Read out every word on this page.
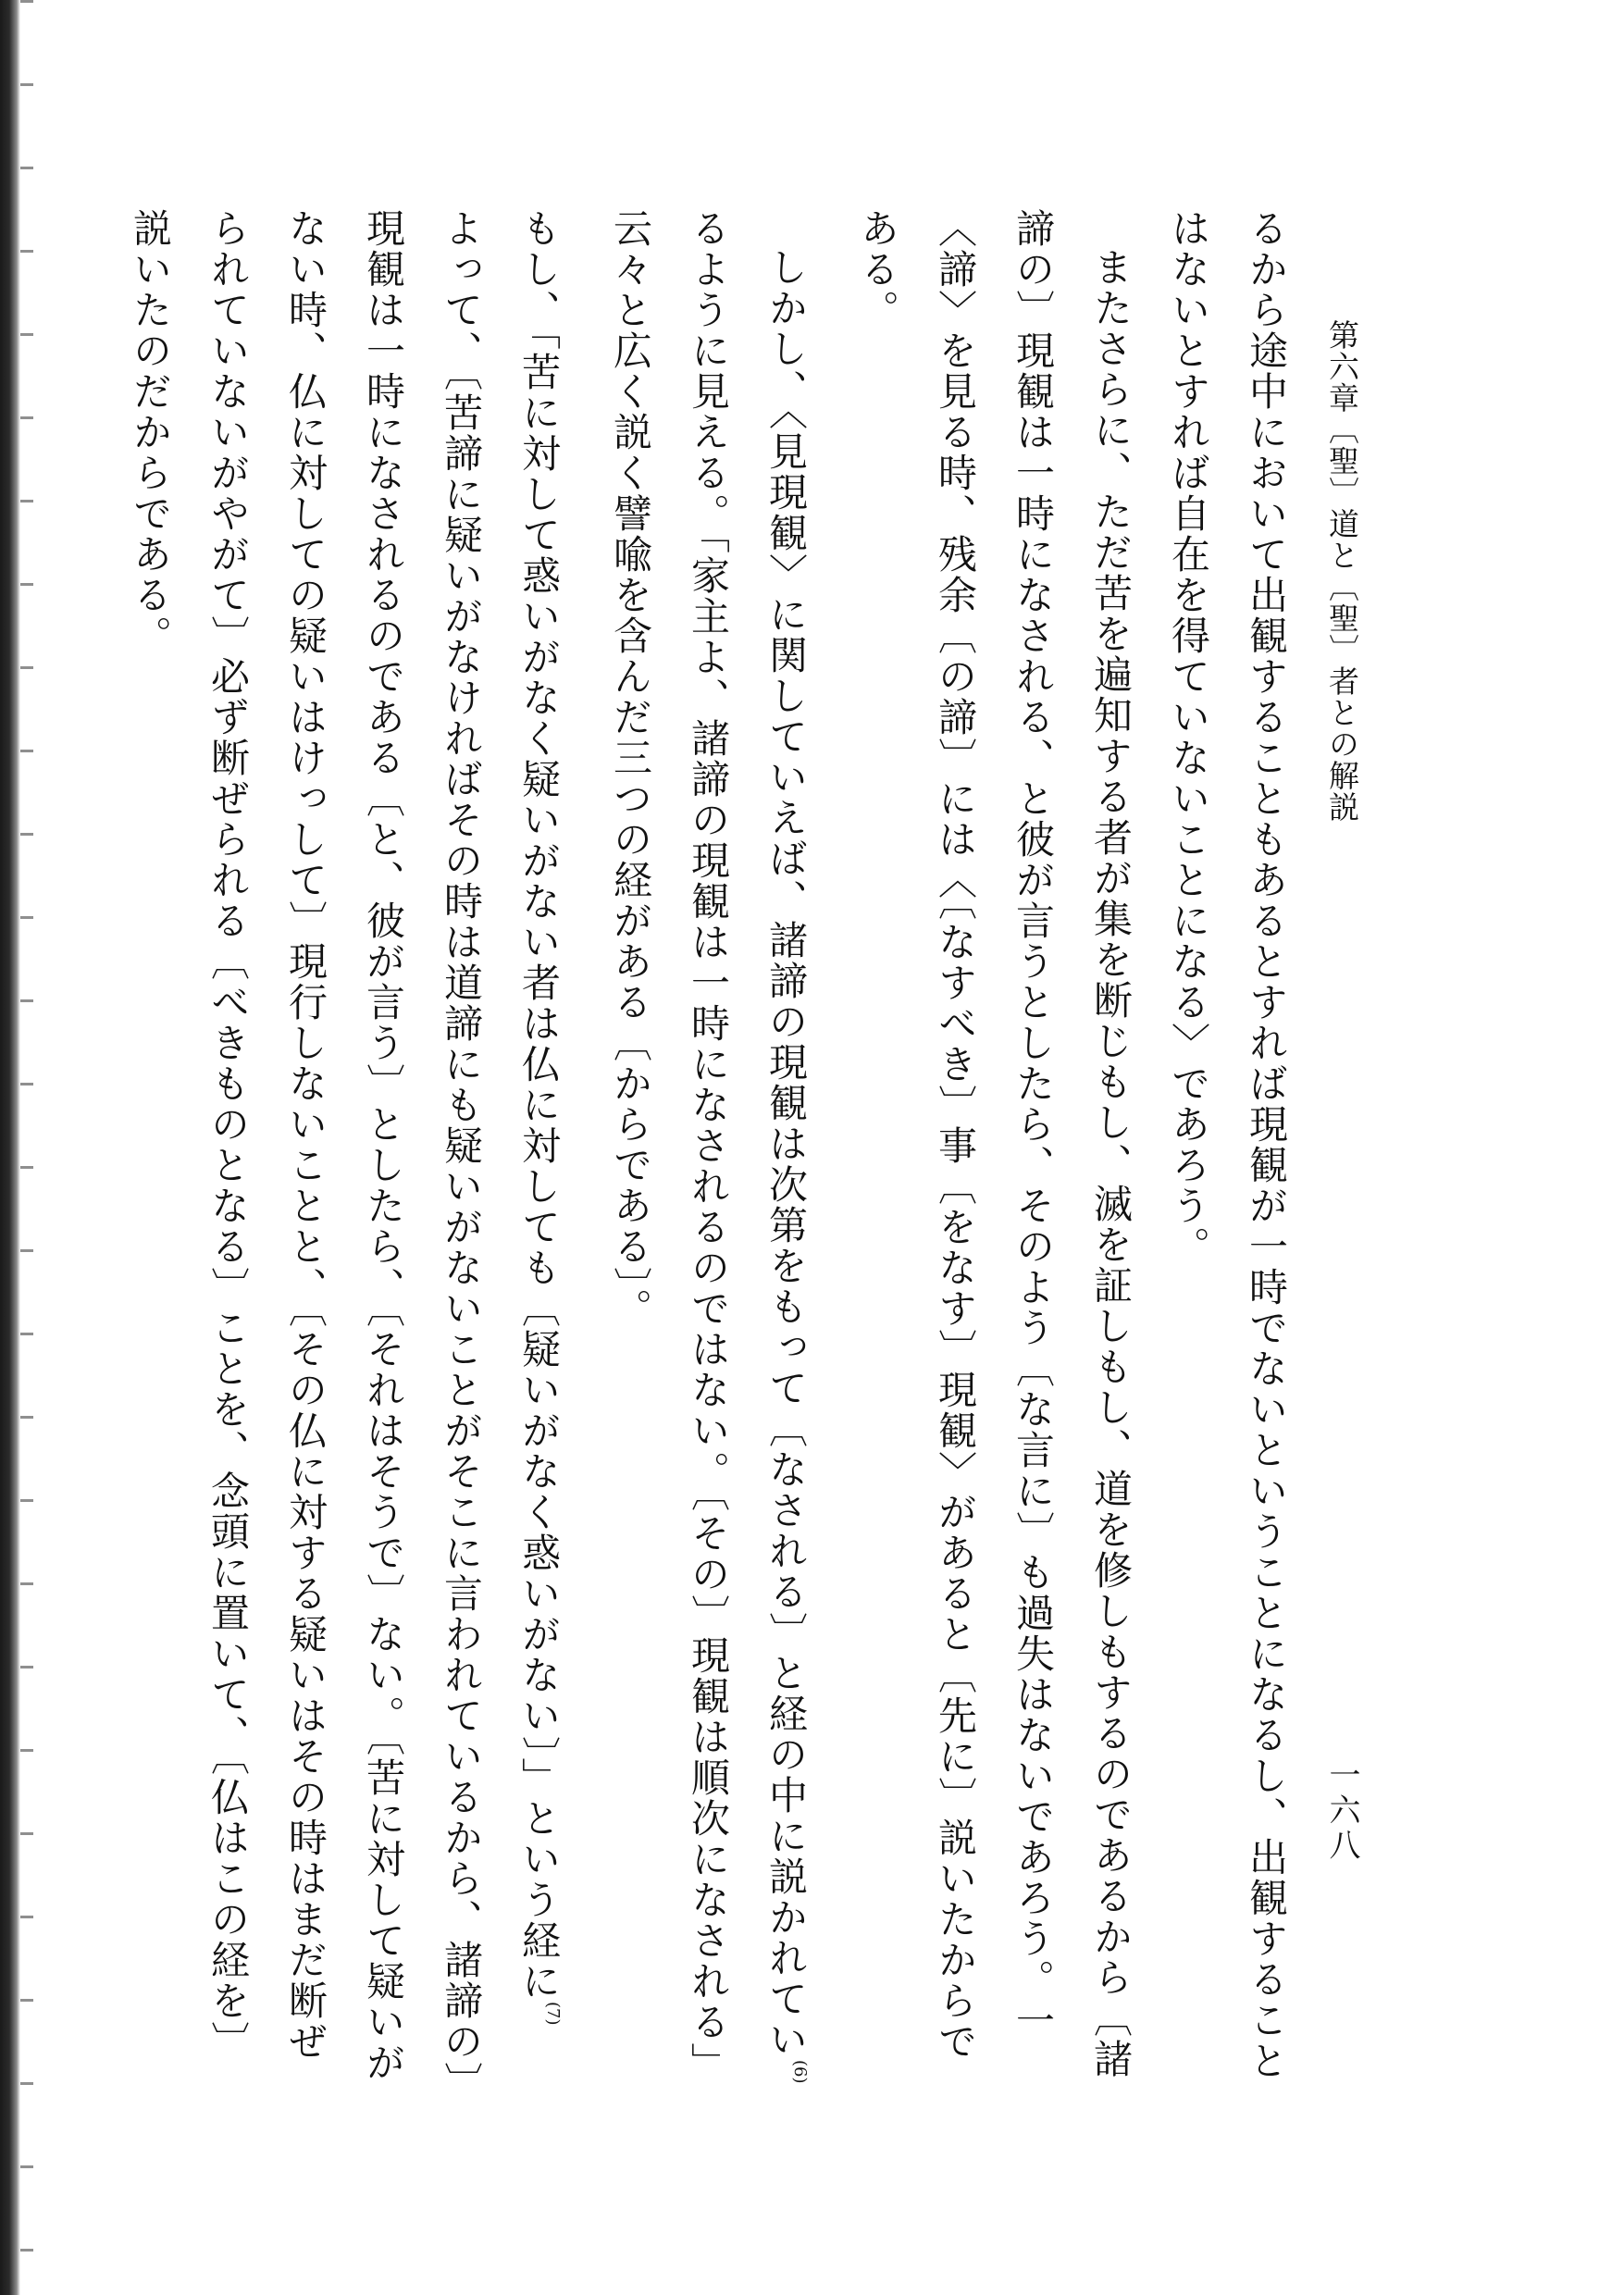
第六章〔聖〕道と〔聖〕者との解説
一六八
るから途中において出観することもあるとすれば現観が一時でないということになるし、出観すること
はないとすれば自在を得ていないことになる〉であろう。
またさらに、ただ苦を遍知する者が集を断じもし、滅を証しもし、道を修しもするのであるから〔諸
諦の〕現観は一時になされる、と彼が言うとしたら、そのよう〔な言に〕も過失はないであろう。一
〈諦〉を見る時、残余〔の諦〕には〈〔なすべき〕事〔をなす〕現観〉があると〔先に〕説いたからで
ある。
しかし、〈見現観〉に関していえば、諸諦の現観は次第をもって〔なされる〕と経の中に説かれてい$^{(6)}$
るように見える。「家主よ、諸諦の現観は一時になされるのではない。〔その〕現観は順次になされる」
云々と広く説く譬喩を含んだ三つの経がある〔からである〕。
もし、「苦に対して惑いがなく疑いがない者は仏に対しても〔疑いがなく惑いがない〕」という経に$^{(7)}$
よって、〔苦諦に疑いがなければその時は道諦にも疑いがないことがそこに言われているから、諸諦の〕
現観は一時になされるのである〔と、彼が言う〕としたら、〔それはそうで〕ない。〔苦に対して疑いが
ない時、仏に対しての疑いはけっして〕現行しないことと、〔その仏に対する疑いはその時はまだ断ぜ
られていないがやがて〕必ず断ぜられる〔べきものとなる〕ことを、念頭に置いて、〔仏はこの経を〕
説いたのだからである。
